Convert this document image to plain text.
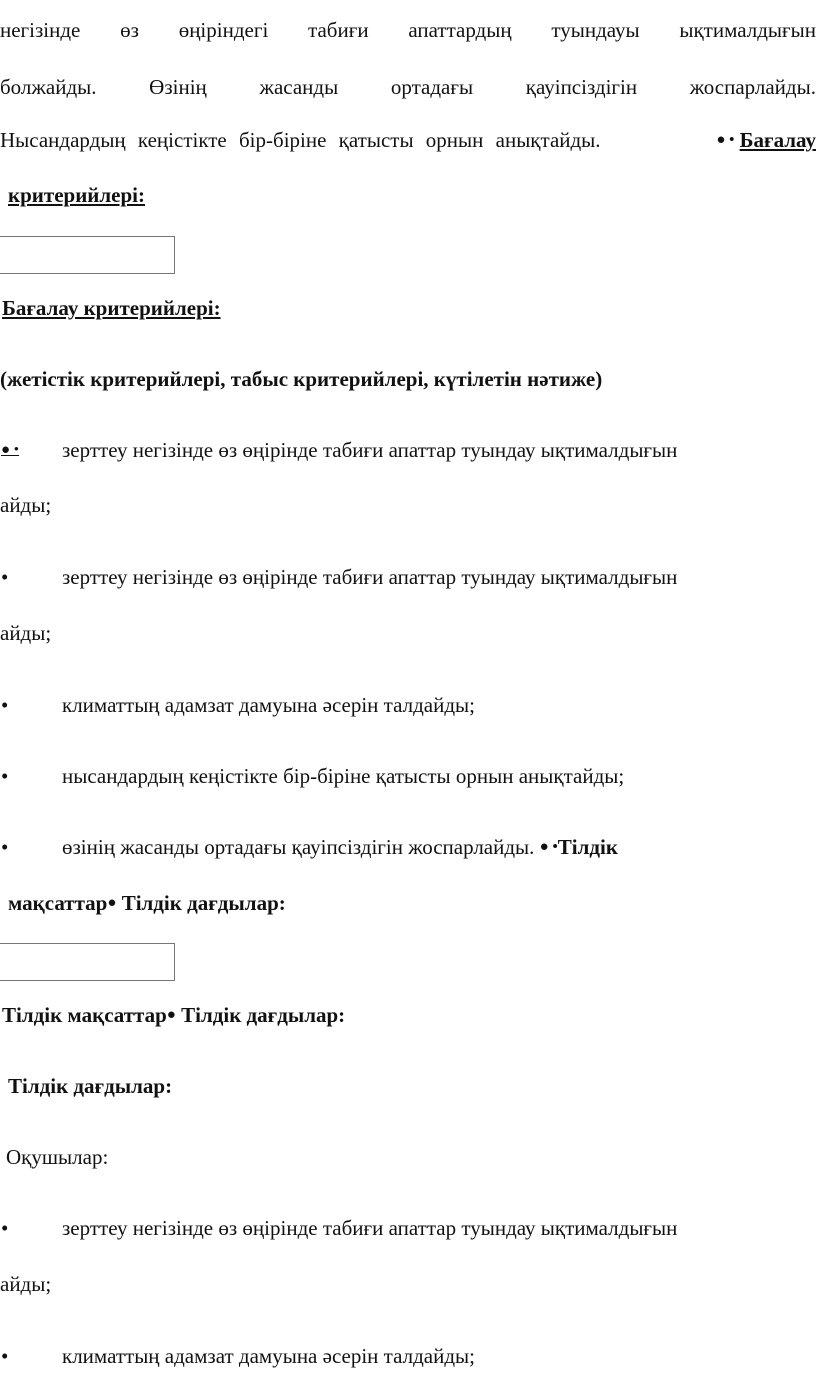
негізінде өз өңіріндегі табиғи апаттардың туындауы ықтималдығын
болжайды.	Өзінің	жасанды	ортадағы	қауіпсіздігін	жоспарлайды.
Нысандардың кеңістікте бір-біріне қатысты орнын анықтайды.	● • Бағалау
критерийлері:
Бағалау критерийлері:
(жетістік критерийлері, табыс критерийлері, күтілетін нәтиже)
● • зерттеу негізінде өз өңірінде табиғи апаттар туындау ықтималдығын
айды;
•	зерттеу негізінде өз өңірінде табиғи апаттар туындау ықтималдығын
айды;
•	климаттың адамзат дамуына әсерін талдайды;
•	нысандардың кеңістікте бір-біріне қатысты орнын анықтайды;
•	өзінің жасанды ортадағы қауіпсіздігін жоспарлайды. ● •Тілдік
мақсаттар● Тілдік дағдылар:
Тілдік мақсаттар● Тілдік дағдылар:
Тілдік дағдылар:
Оқушылар:
•	зерттеу негізінде өз өңірінде табиғи апаттар туындау ықтималдығын
айды;
•	климаттың адамзат дамуына әсерін талдайды;
